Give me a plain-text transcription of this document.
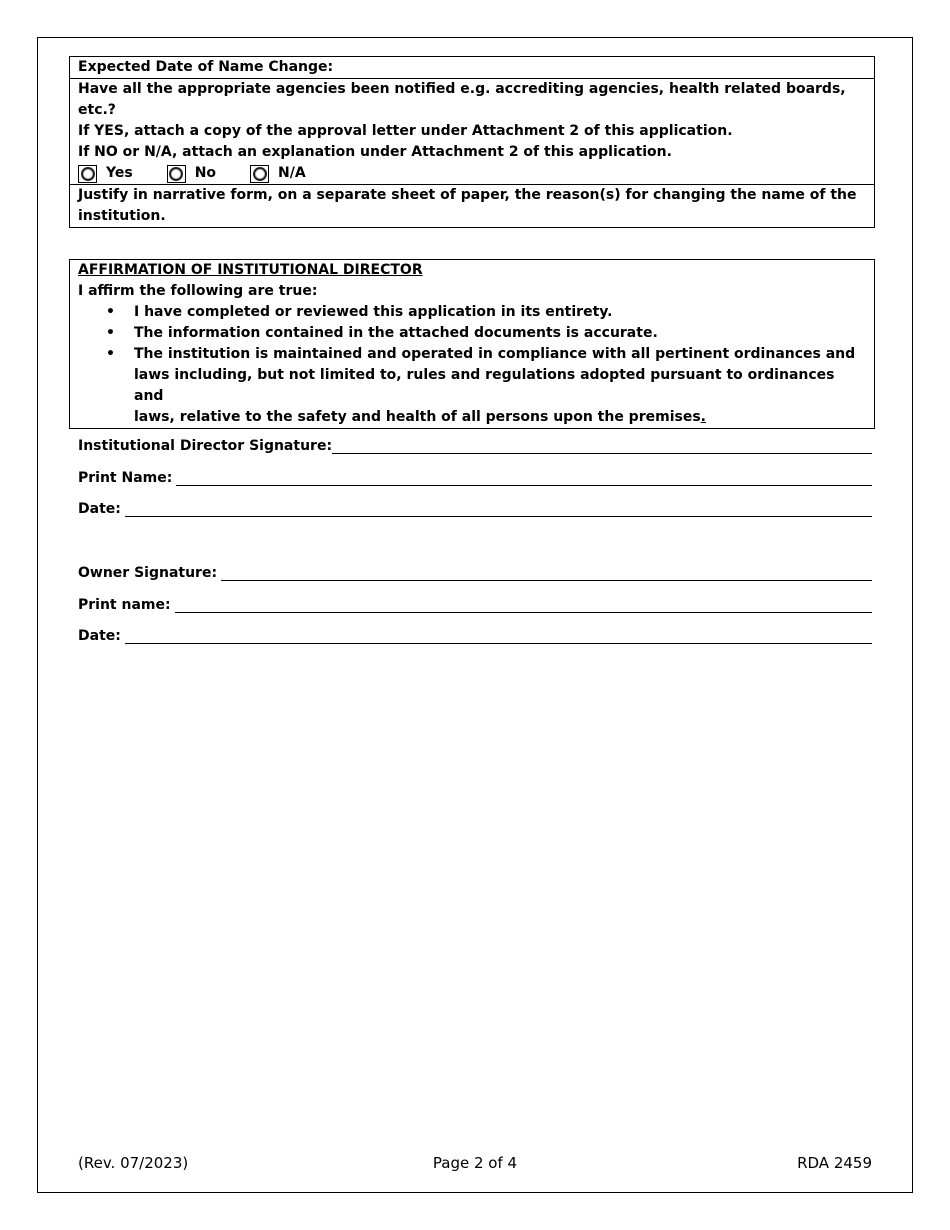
Expected Date of Name Change:
Have all the appropriate agencies been notified e.g. accrediting agencies, health related boards, etc.?
If YES, attach a copy of the approval letter under Attachment 2 of this application.
If NO or N/A, attach an explanation under Attachment 2 of this application.
Yes	No	N/A
Justify in narrative form, on a separate sheet of paper, the reason(s) for changing the name of the
institution.
AFFIRMATION OF INSTITUTIONAL DIRECTOR
I affirm the following are true:
• I have completed or reviewed this application in its entirety.
• The information contained in the attached documents is accurate.
• The institution is maintained and operated in compliance with all pertinent ordinances and
laws including, but not limited to, rules and regulations adopted pursuant to ordinances and
laws, relative to the safety and health of all persons upon the premises.
Institutional Director Signature:
Print Name:
Date:
Owner Signature:
Print name:
Date:
(Rev. 07/2023)	Page 2 of 4	RDA 2459
